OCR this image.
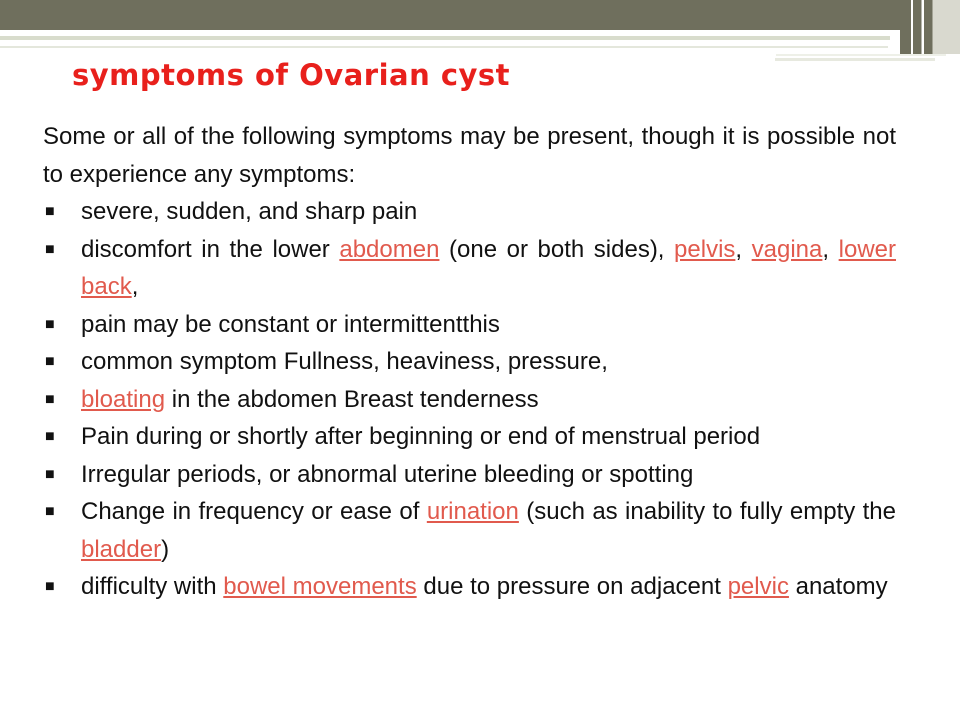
symptoms of Ovarian cyst

Some or all of the following symptoms may be present, though it is possible not to experience any symptoms:

■ severe, sudden, and sharp pain
■ discomfort in the lower abdomen (one or both sides), pelvis, vagina, lower back,
■ pain may be constant or intermittentthis
■ common symptom Fullness, heaviness, pressure,
■ bloating in the abdomen Breast tenderness
■ Pain during or shortly after beginning or end of menstrual period
■ Irregular periods, or abnormal uterine bleeding or spotting
■ Change in frequency or ease of urination (such as inability to fully empty the bladder)
■ difficulty with bowel movements due to pressure on adjacent pelvic anatomy
